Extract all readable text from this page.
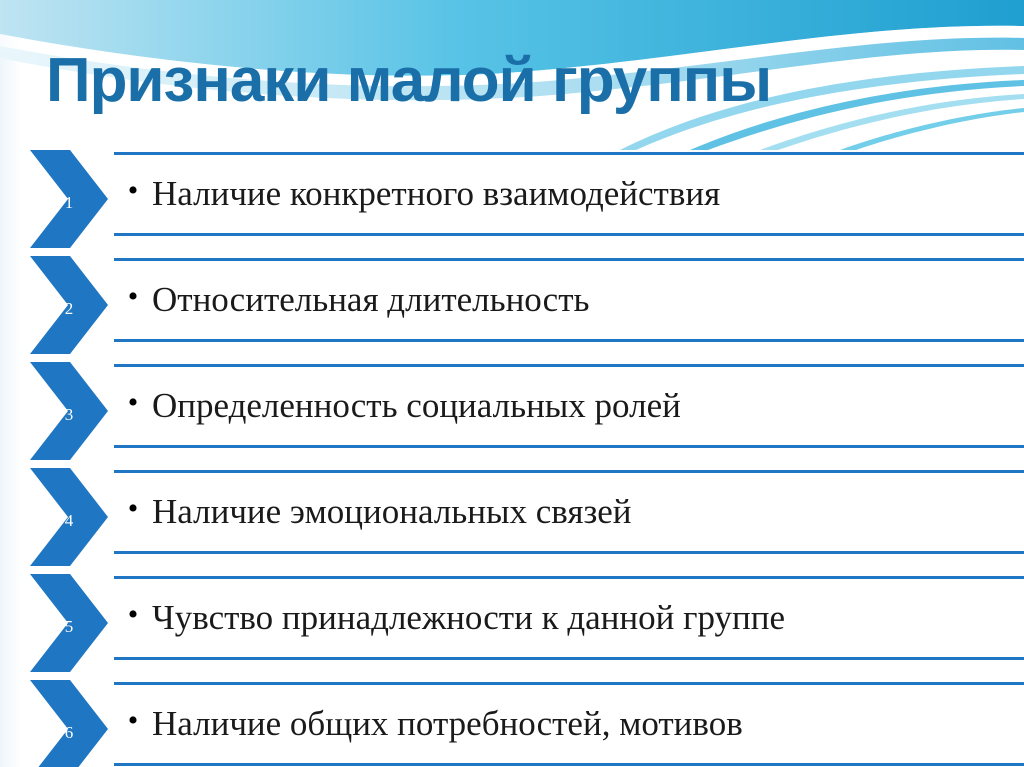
Признаки малой группы
1	• Наличие конкретного взаимодействия
2	• Относительная длительность
3	• Определенность социальных ролей
4	• Наличие эмоциональных связей
5	• Чувство принадлежности к данной группе
6	• Наличие общих потребностей, мотивов
